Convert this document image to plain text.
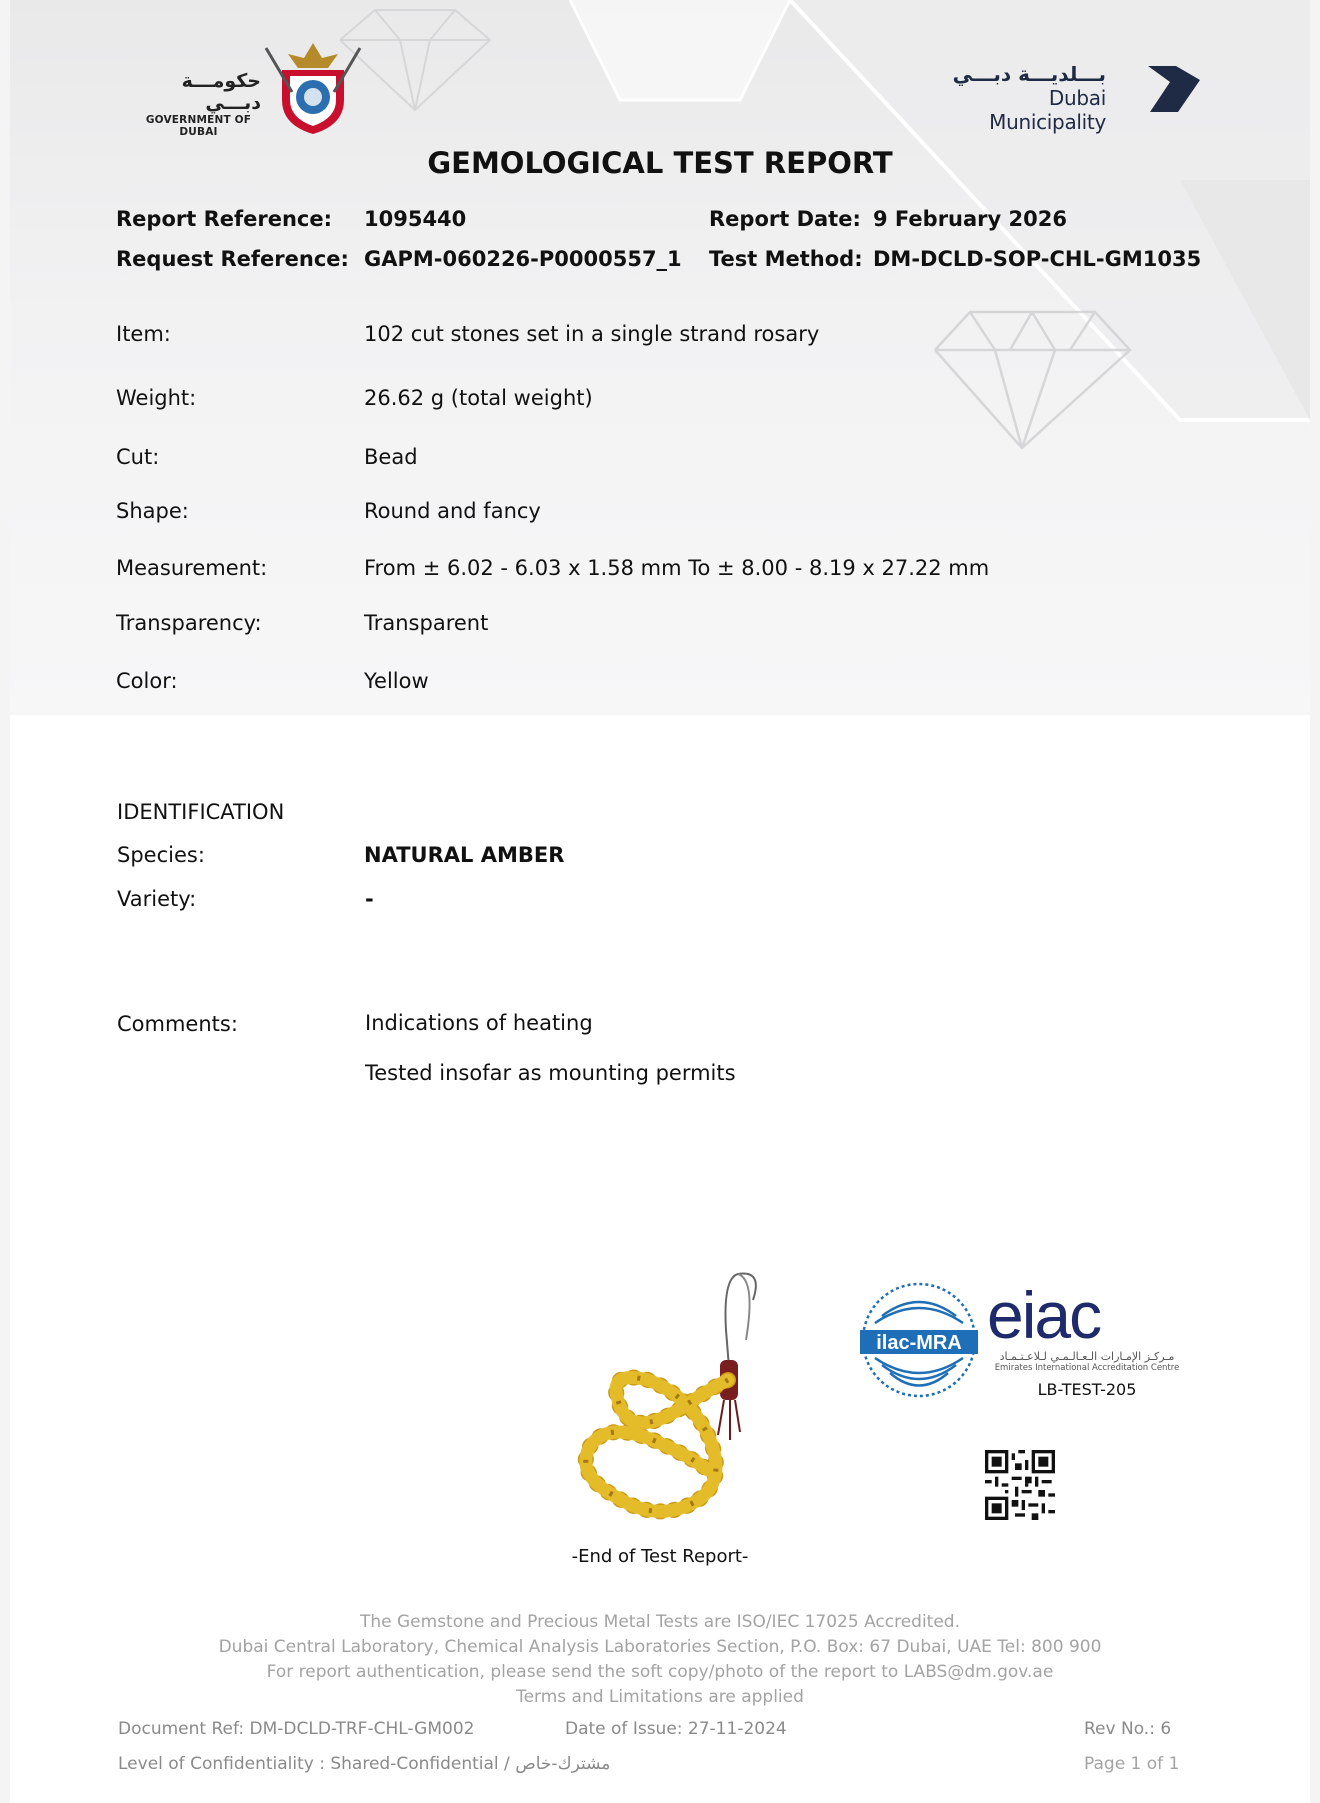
حكومـــة دبـــي
GOVERNMENT OF DUBAI
بـــلديـــة دبـــي
Dubai Municipality
GEMOLOGICAL TEST REPORT
Report Reference: 1095440
Request Reference: GAPM-060226-P0000557_1
Report Date: 9 February 2026
Test Method: DM-DCLD-SOP-CHL-GM1035
Item:	102 cut stones set in a single strand rosary
Weight:	26.62 g (total weight)
Cut:	Bead
Shape:	Round and fancy
Measurement:	From ± 6.02 - 6.03 x 1.58 mm To ± 8.00 - 8.19 x 27.22 mm
Transparency:	Transparent
Color:	Yellow
IDENTIFICATION
Species:	NATURAL AMBER
Variety:	-
Comments:	Indications of heating
Tested insofar as mounting permits
-End of Test Report-
ilac-MRA eiac
مـركـز الإمـارات الـعـالـمـي لـلاعـتـمـاد
Emirates International Accreditation Centre
LB-TEST-205
The Gemstone and Precious Metal Tests are ISO/IEC 17025 Accredited.
Dubai Central Laboratory, Chemical Analysis Laboratories Section, P.O. Box: 67 Dubai, UAE Tel: 800 900
For report authentication, please send the soft copy/photo of the report to LABS@dm.gov.ae
Terms and Limitations are applied
Document Ref: DM-DCLD-TRF-CHL-GM002	Date of Issue: 27-11-2024	Rev No.: 6
Level of Confidentiality : Shared-Confidential / مشترك-خاص	Page 1 of 1
